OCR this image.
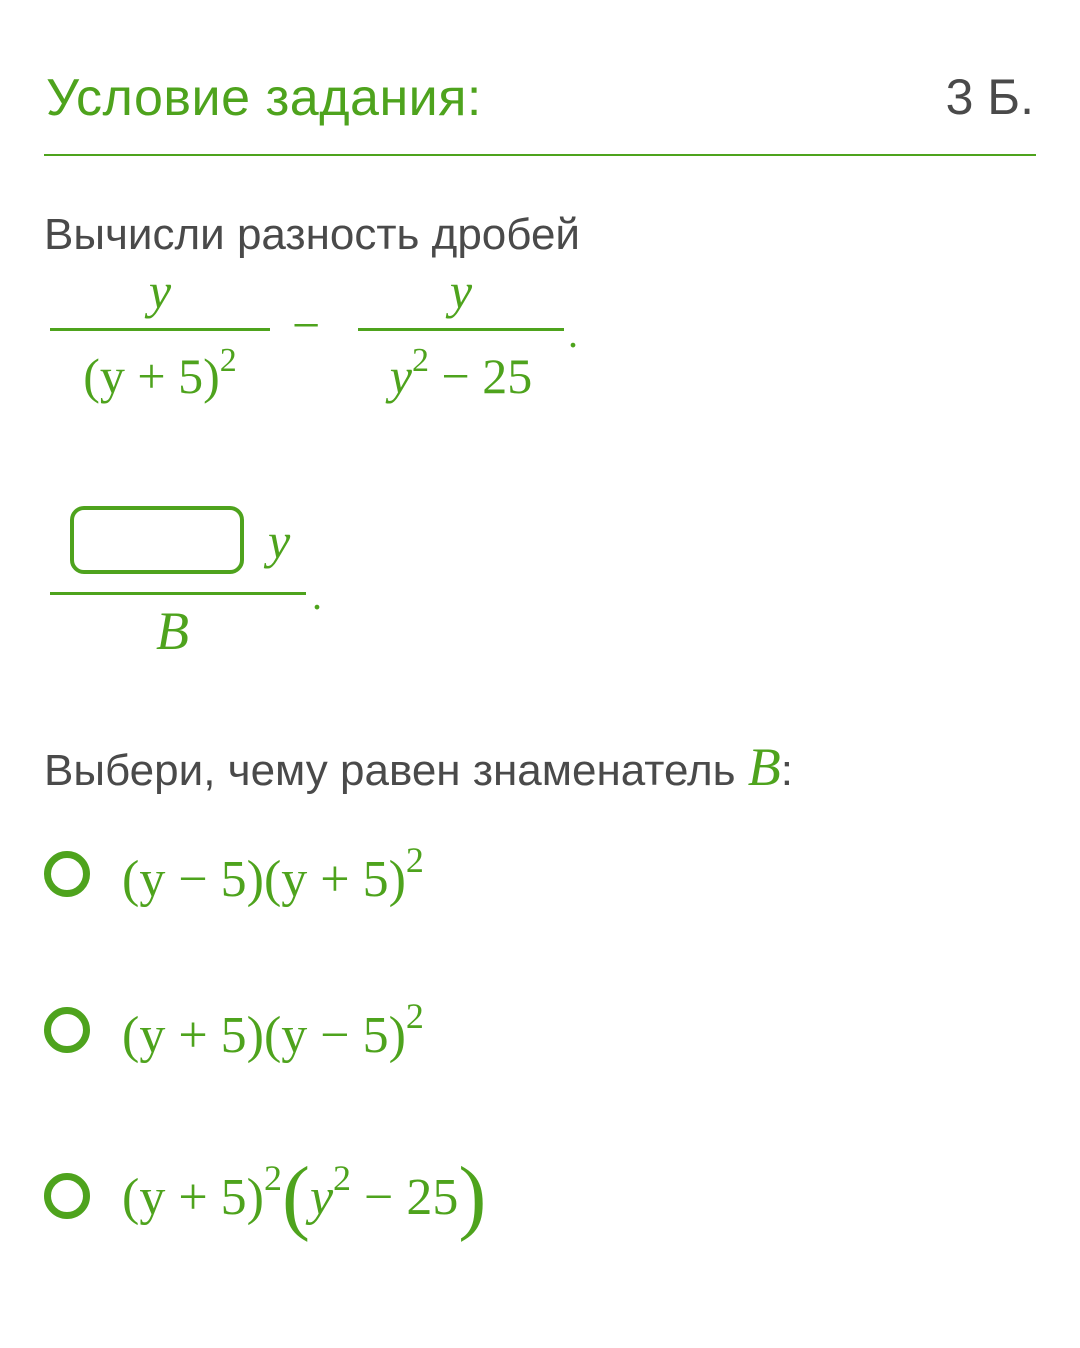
Условие задания:	3 Б.
Вычисли разность дробей
y
$(y + 5)^2$
−
y
$y^2 - 25$
.
y
B
.
Выбери, чему равен знаменатель B:
$(y - 5)(y + 5)^2$
$(y + 5)(y - 5)^2$
$(y + 5)^2(y^2 - 25)$
